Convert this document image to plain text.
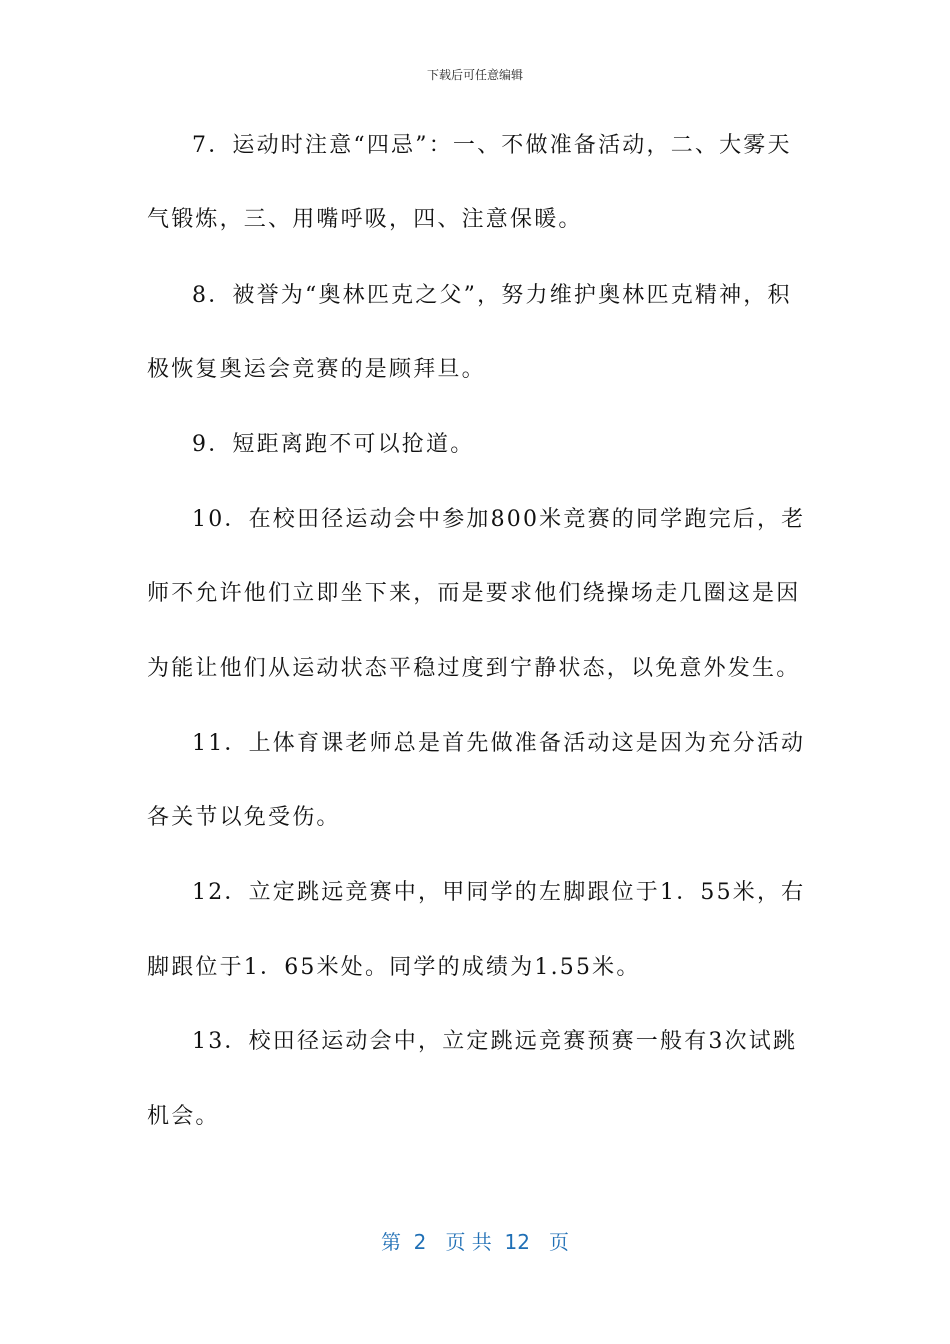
下载后可任意编辑
7．运动时注意“四忌”：一、不做准备活动，二、大雾天
气锻炼，三、用嘴呼吸，四、注意保暖。
8．被誉为“奥林匹克之父”，努力维护奥林匹克精神，积
极恢复奥运会竞赛的是顾拜旦。
9．短距离跑不可以抢道。
10．在校田径运动会中参加800米竞赛的同学跑完后，老
师不允许他们立即坐下来，而是要求他们绕操场走几圈这是因
为能让他们从运动状态平稳过度到宁静状态，以免意外发生。
11．上体育课老师总是首先做准备活动这是因为充分活动
各关节以免受伤。
12．立定跳远竞赛中，甲同学的左脚跟位于1．55米，右
脚跟位于1．65米处。同学的成绩为1.55米。
13．校田径运动会中，立定跳远竞赛预赛一般有3次试跳
机会。
第  2   页 共  12   页
